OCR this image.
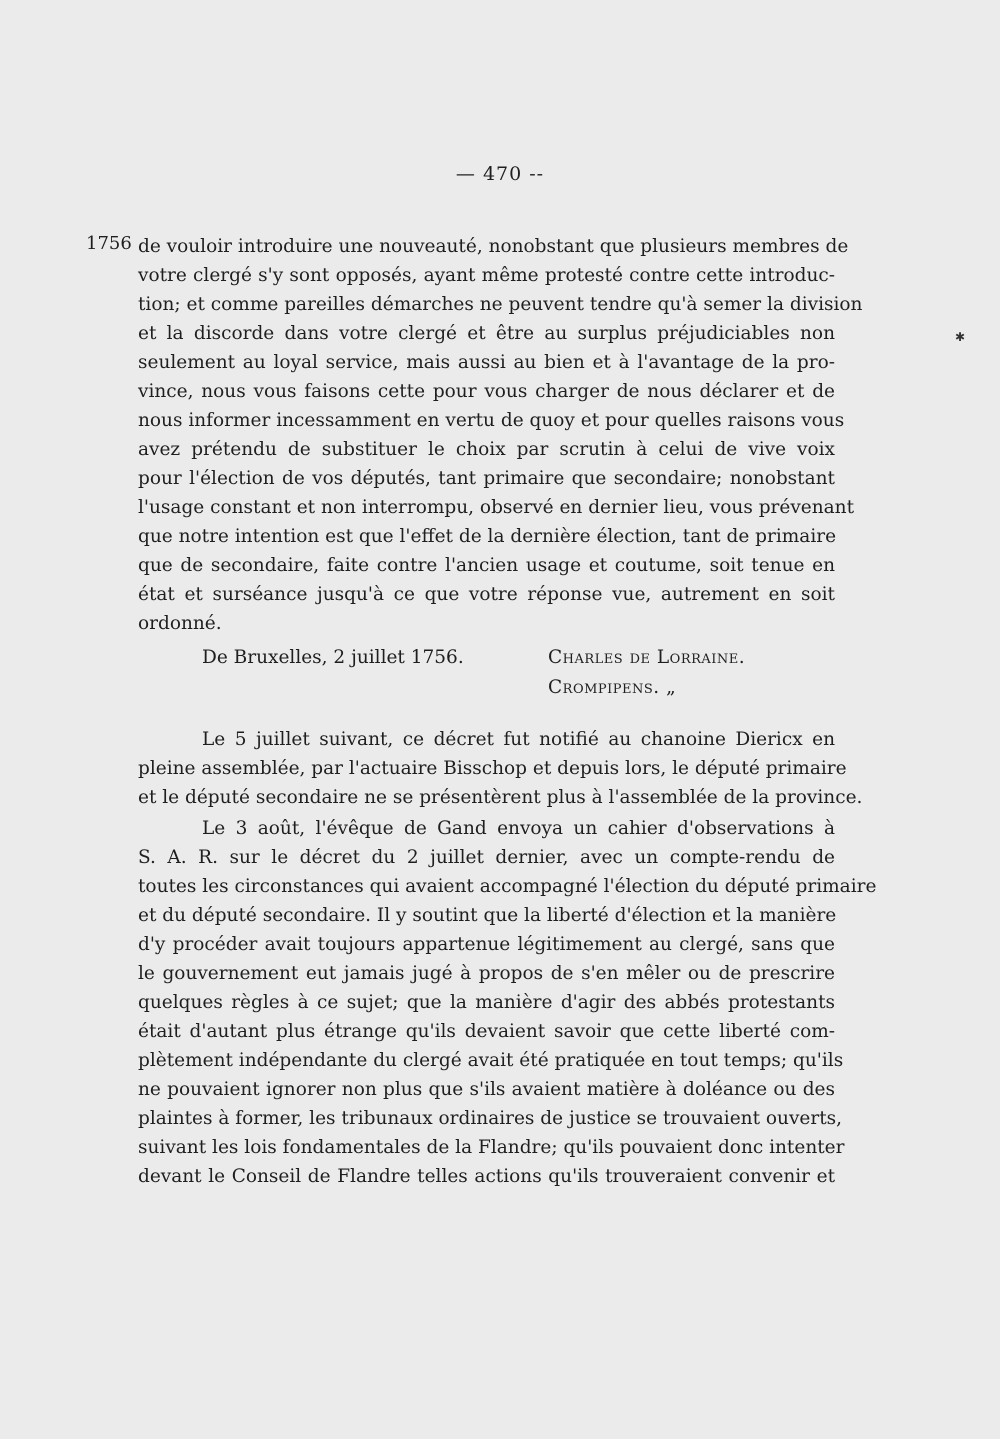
— 470 --
1756
✱
de vouloir introduire une nouveauté, nonobstant que plusieurs membres de
votre clergé s'y sont opposés, ayant même protesté contre cette introduc-
tion; et comme pareilles démarches ne peuvent tendre qu'à semer la division
et la discorde dans votre clergé et être au surplus préjudiciables non
seulement au loyal service, mais aussi au bien et à l'avantage de la pro-
vince, nous vous faisons cette pour vous charger de nous déclarer et de
nous informer incessamment en vertu de quoy et pour quelles raisons vous
avez prétendu de substituer le choix par scrutin à celui de vive voix
pour l'élection de vos députés, tant primaire que secondaire; nonobstant
l'usage constant et non interrompu, observé en dernier lieu, vous prévenant
que notre intention est que l'effet de la dernière élection, tant de primaire
que de secondaire, faite contre l'ancien usage et coutume, soit tenue en
état et surséance jusqu'à ce que votre réponse vue, autrement en soit
ordonné.
De Bruxelles, 2 juillet 1756.	Charles de Lorraine.
Crompipens. „
Le 5 juillet suivant, ce décret fut notifié au chanoine Diericx en
pleine assemblée, par l'actuaire Bisschop et depuis lors, le député primaire
et le député secondaire ne se présentèrent plus à l'assemblée de la province.
Le 3 août, l'évêque de Gand envoya un cahier d'observations à
S. A. R. sur le décret du 2 juillet dernier, avec un compte-rendu de
toutes les circonstances qui avaient accompagné l'élection du député primaire
et du député secondaire. Il y soutint que la liberté d'élection et la manière
d'y procéder avait toujours appartenue légitimement au clergé, sans que
le gouvernement eut jamais jugé à propos de s'en mêler ou de prescrire
quelques règles à ce sujet; que la manière d'agir des abbés protestants
était d'autant plus étrange qu'ils devaient savoir que cette liberté com-
plètement indépendante du clergé avait été pratiquée en tout temps; qu'ils
ne pouvaient ignorer non plus que s'ils avaient matière à doléance ou des
plaintes à former, les tribunaux ordinaires de justice se trouvaient ouverts,
suivant les lois fondamentales de la Flandre; qu'ils pouvaient donc intenter
devant le Conseil de Flandre telles actions qu'ils trouveraient convenir et
